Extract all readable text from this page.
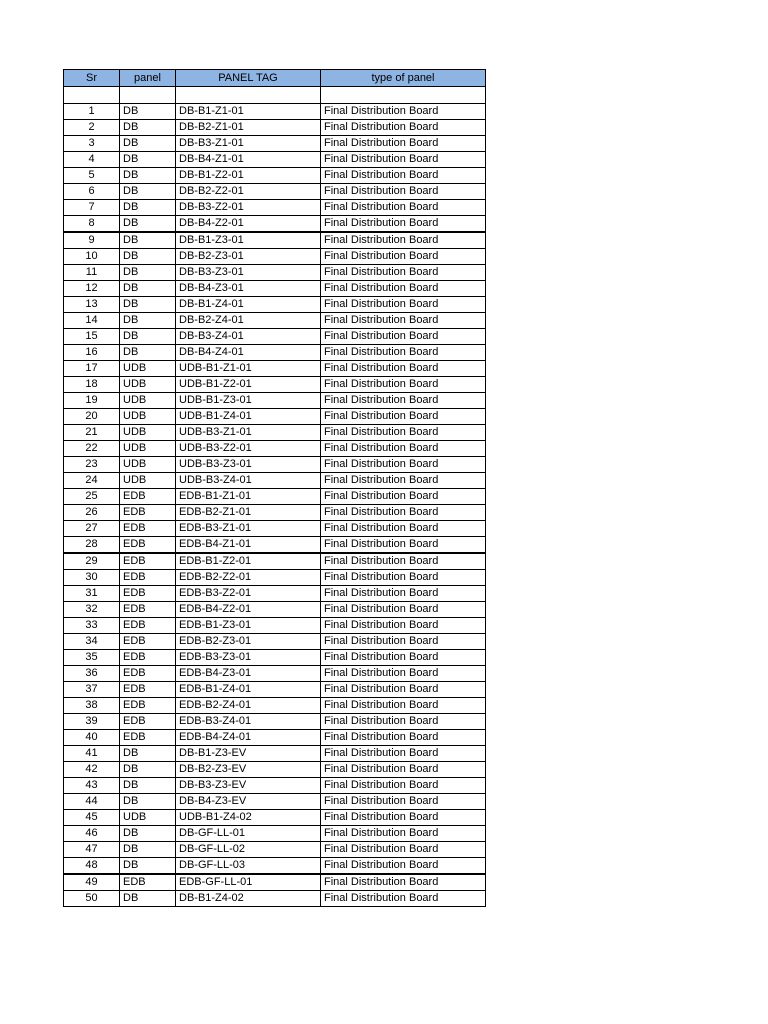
Sr	panel	PANEL TAG	type of panel

1	DB	DB-B1-Z1-01	Final Distribution Board
2	DB	DB-B2-Z1-01	Final Distribution Board
3	DB	DB-B3-Z1-01	Final Distribution Board
4	DB	DB-B4-Z1-01	Final Distribution Board
5	DB	DB-B1-Z2-01	Final Distribution Board
6	DB	DB-B2-Z2-01	Final Distribution Board
7	DB	DB-B3-Z2-01	Final Distribution Board
8	DB	DB-B4-Z2-01	Final Distribution Board
9	DB	DB-B1-Z3-01	Final Distribution Board
10	DB	DB-B2-Z3-01	Final Distribution Board
11	DB	DB-B3-Z3-01	Final Distribution Board
12	DB	DB-B4-Z3-01	Final Distribution Board
13	DB	DB-B1-Z4-01	Final Distribution Board
14	DB	DB-B2-Z4-01	Final Distribution Board
15	DB	DB-B3-Z4-01	Final Distribution Board
16	DB	DB-B4-Z4-01	Final Distribution Board
17	UDB	UDB-B1-Z1-01	Final Distribution Board
18	UDB	UDB-B1-Z2-01	Final Distribution Board
19	UDB	UDB-B1-Z3-01	Final Distribution Board
20	UDB	UDB-B1-Z4-01	Final Distribution Board
21	UDB	UDB-B3-Z1-01	Final Distribution Board
22	UDB	UDB-B3-Z2-01	Final Distribution Board
23	UDB	UDB-B3-Z3-01	Final Distribution Board
24	UDB	UDB-B3-Z4-01	Final Distribution Board
25	EDB	EDB-B1-Z1-01	Final Distribution Board
26	EDB	EDB-B2-Z1-01	Final Distribution Board
27	EDB	EDB-B3-Z1-01	Final Distribution Board
28	EDB	EDB-B4-Z1-01	Final Distribution Board
29	EDB	EDB-B1-Z2-01	Final Distribution Board
30	EDB	EDB-B2-Z2-01	Final Distribution Board
31	EDB	EDB-B3-Z2-01	Final Distribution Board
32	EDB	EDB-B4-Z2-01	Final Distribution Board
33	EDB	EDB-B1-Z3-01	Final Distribution Board
34	EDB	EDB-B2-Z3-01	Final Distribution Board
35	EDB	EDB-B3-Z3-01	Final Distribution Board
36	EDB	EDB-B4-Z3-01	Final Distribution Board
37	EDB	EDB-B1-Z4-01	Final Distribution Board
38	EDB	EDB-B2-Z4-01	Final Distribution Board
39	EDB	EDB-B3-Z4-01	Final Distribution Board
40	EDB	EDB-B4-Z4-01	Final Distribution Board
41	DB	DB-B1-Z3-EV	Final Distribution Board
42	DB	DB-B2-Z3-EV	Final Distribution Board
43	DB	DB-B3-Z3-EV	Final Distribution Board
44	DB	DB-B4-Z3-EV	Final Distribution Board
45	UDB	UDB-B1-Z4-02	Final Distribution Board
46	DB	DB-GF-LL-01	Final Distribution Board
47	DB	DB-GF-LL-02	Final Distribution Board
48	DB	DB-GF-LL-03	Final Distribution Board
49	EDB	EDB-GF-LL-01	Final Distribution Board
50	DB	DB-B1-Z4-02	Final Distribution Board
